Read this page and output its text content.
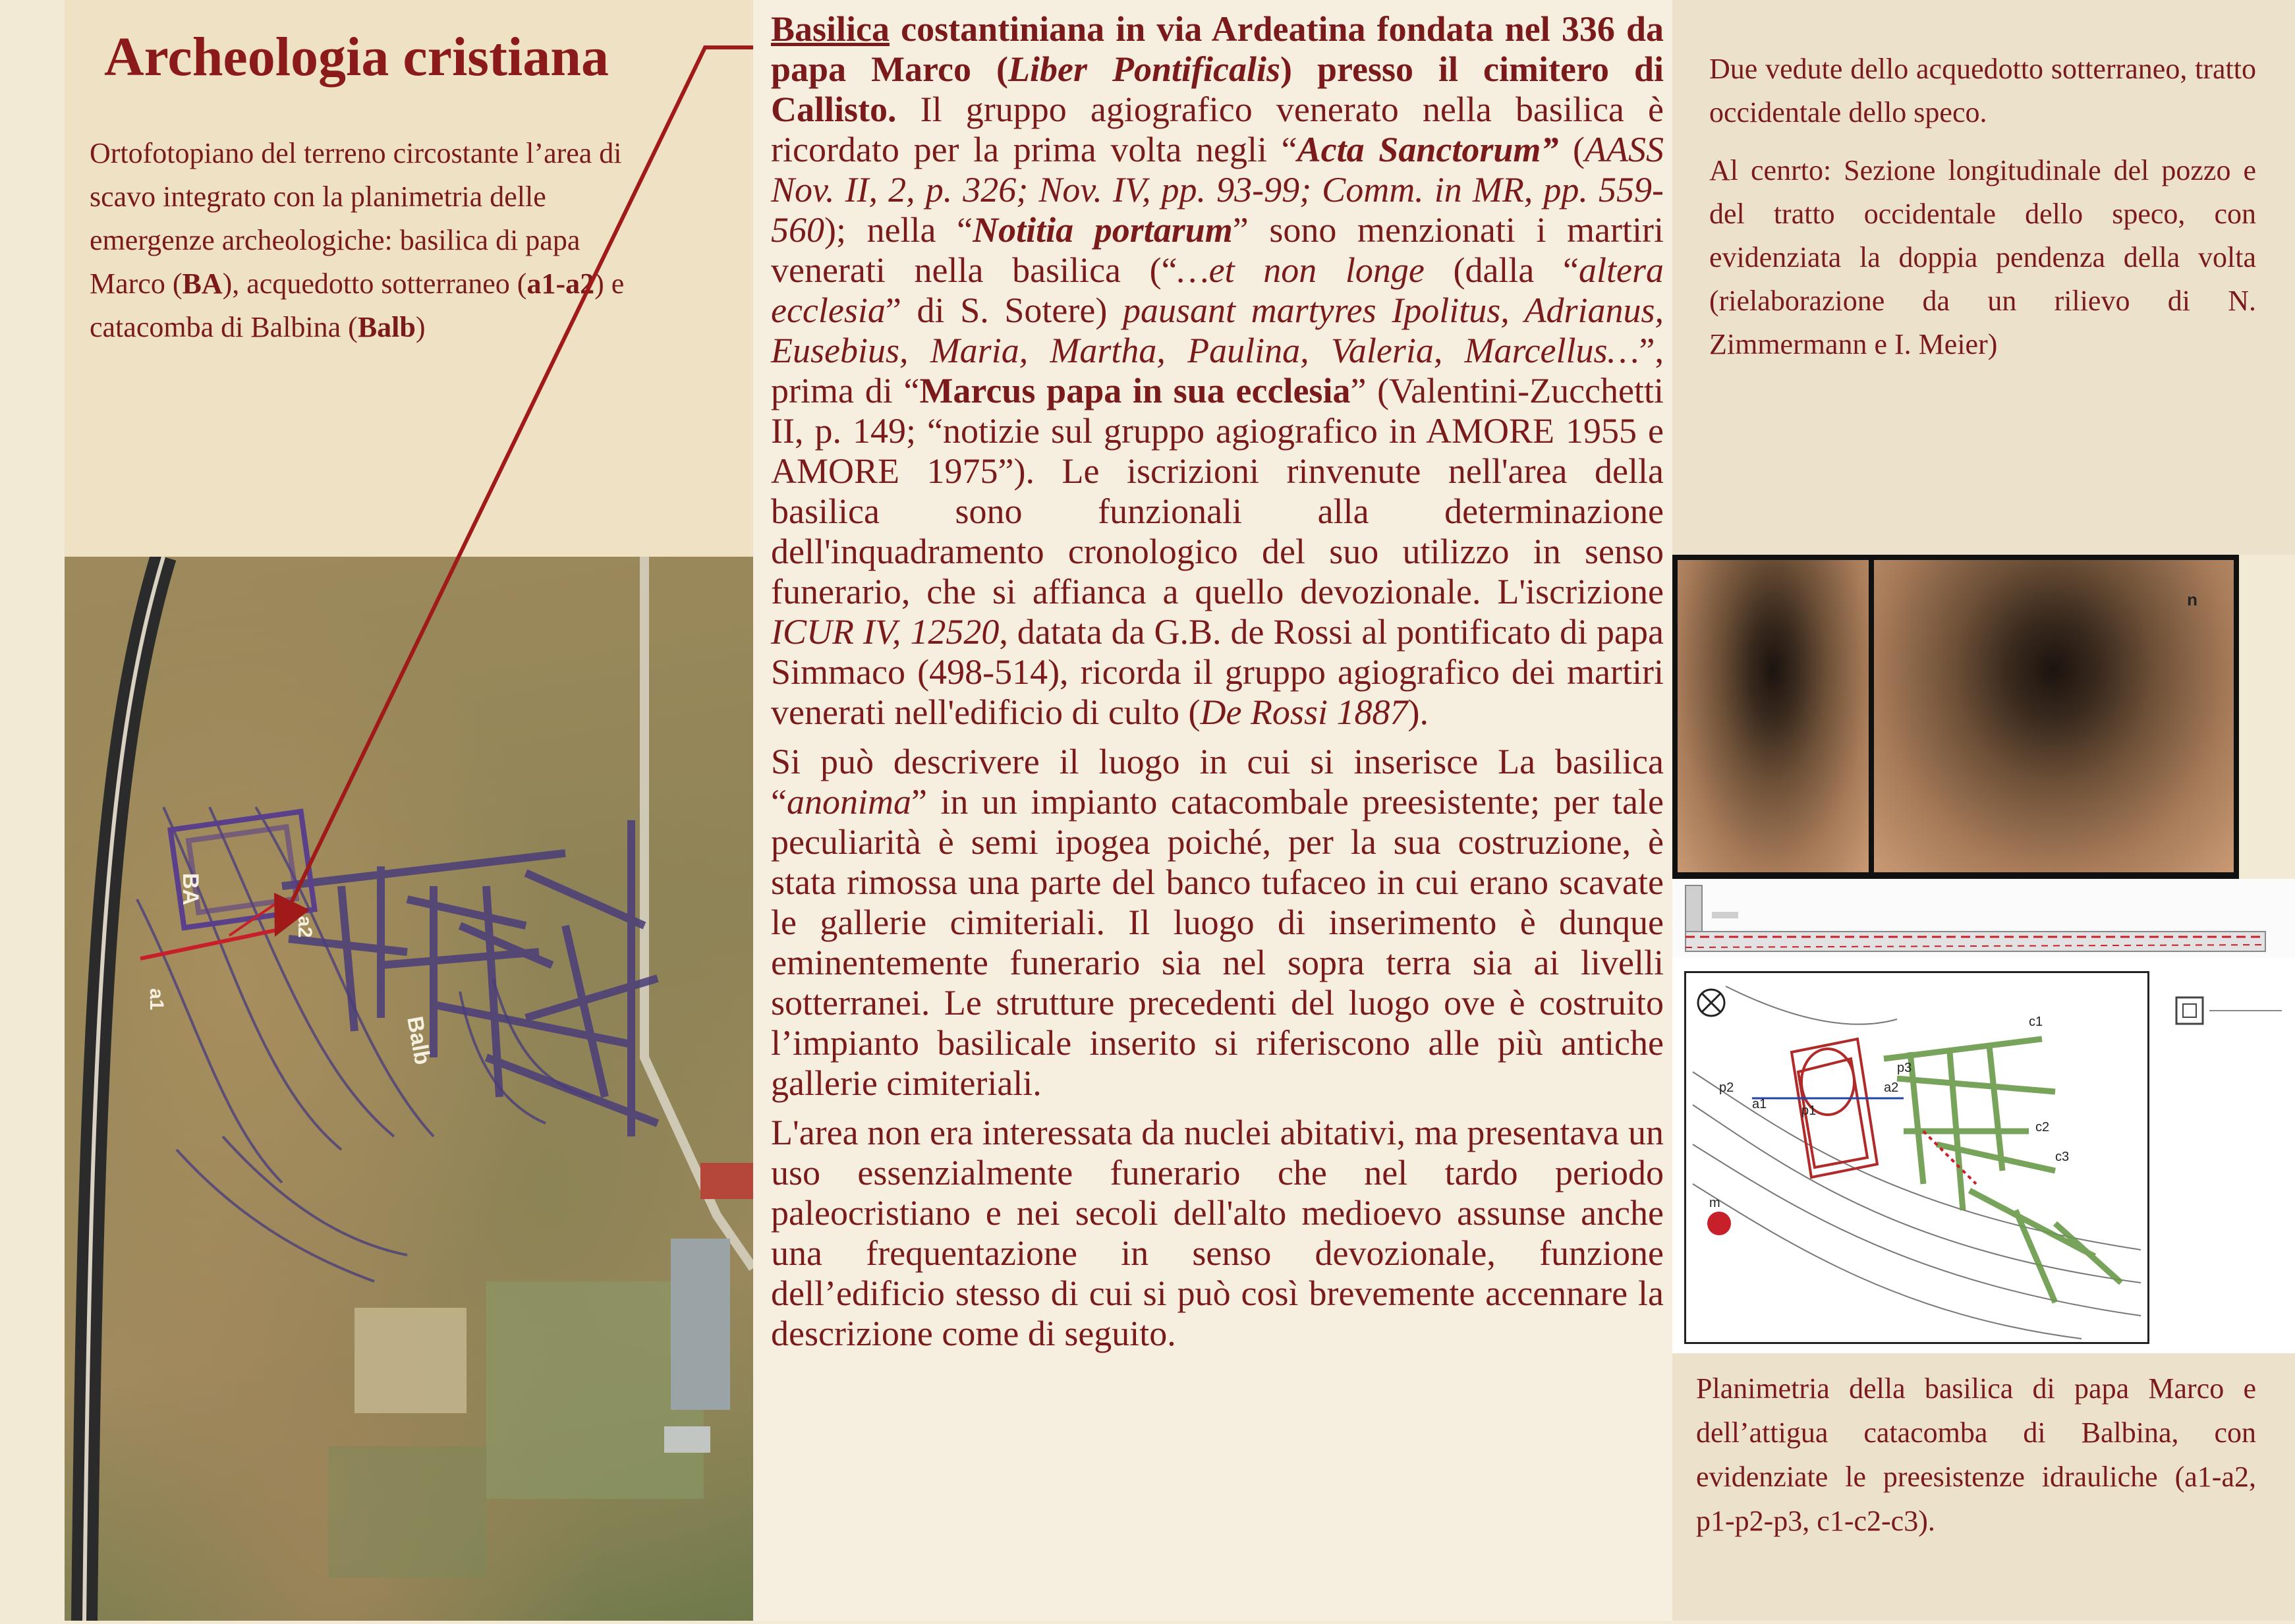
Archeologia cristiana
Ortofotopiano del terreno circostante l’area di scavo integrato con la planimetria delle emergenze archeologiche: basilica di papa Marco (BA), acquedotto sotterraneo (a1-a2) e catacomba di Balbina (Balb)
BA
Balb
a2
a1

Basilica costantiniana in via Ardeatina fondata nel 336 da papa Marco (Liber Pontificalis) presso il cimitero di Callisto. Il gruppo agiografico venerato nella basilica è ricordato per la prima volta negli “Acta Sanctorum” (AASS Nov. II, 2, p. 326; Nov. IV, pp. 93-99; Comm. in MR, pp. 559-560); nella “Notitia portarum” sono menzionati i martiri venerati nella basilica (“…et non longe (dalla “altera ecclesia” di S. Sotere) pausant martyres Ipolitus, Adrianus, Eusebius, Maria, Martha, Paulina, Valeria, Marcellus…”, prima di “Marcus papa in sua ecclesia” (Valentini-Zucchetti II, p. 149; “notizie sul gruppo agiografico in AMORE 1955 e AMORE 1975”). Le iscrizioni rinvenute nell'area della basilica sono funzionali alla determinazione dell'inquadramento cronologico del suo utilizzo in senso funerario, che si affianca a quello devozionale. L'iscrizione ICUR IV, 12520, datata da G.B. de Rossi al pontificato di papa Simmaco (498-514), ricorda il gruppo agiografico dei martiri venerati nell'edificio di culto (De Rossi 1887).

Si può descrivere il luogo in cui si inserisce La basilica “anonima” in un impianto catacombale preesistente; per tale peculiarità è semi ipogea poiché, per la sua costruzione, è stata rimossa una parte del banco tufaceo in cui erano scavate le gallerie cimiteriali. Il luogo di inserimento è dunque eminentemente funerario sia nel sopra terra sia ai livelli sotterranei. Le strutture precedenti del luogo ove è costruito l’impianto basilicale inserito si riferiscono alle più antiche gallerie cimiteriali.

L'area non era interessata da nuclei abitativi, ma presentava un uso essenzialmente funerario che nel tardo periodo paleocristiano e nei secoli dell'alto medioevo assunse anche una frequentazione in senso devozionale, funzione dell’edificio stesso di cui si può così brevemente accennare la descrizione come di seguito.

Due vedute dello acquedotto sotterraneo, tratto occidentale dello speco.

Al cenrto: Sezione longitudinale del pozzo e del tratto occidentale dello speco, con evidenziata la doppia pendenza della volta (rielaborazione da un rilievo di N. Zimmermann e I. Meier)

n
c1
c2
c3
p1
p2
p3
a1
a2
m
Planimetria della basilica di papa Marco e dell’attigua catacomba di Balbina, con evidenziate le preesistenze idrauliche (a1-a2, p1-p2-p3, c1-c2-c3).
